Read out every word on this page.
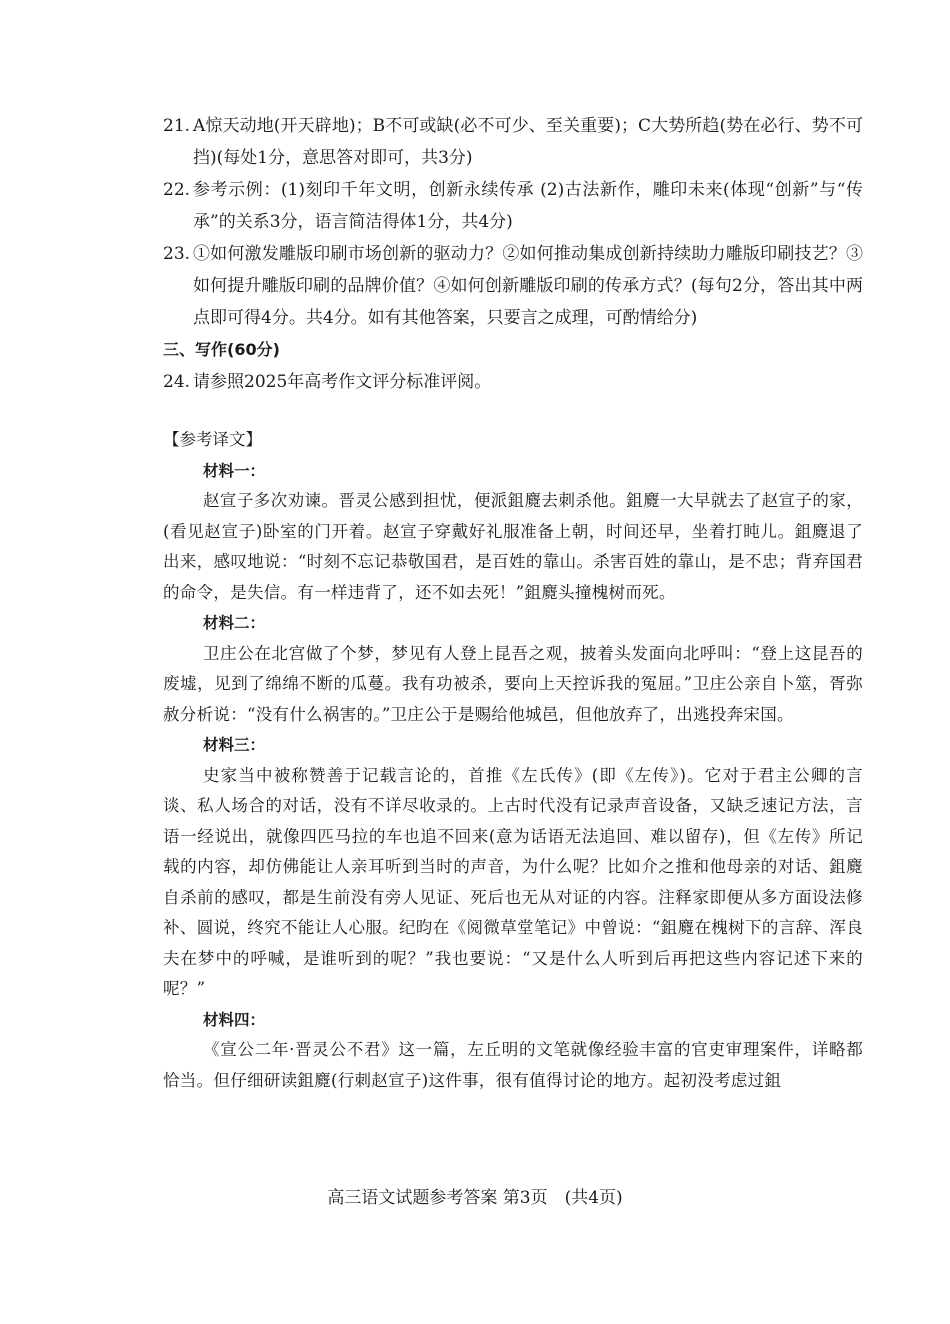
21. A惊天动地(开天辟地)；B不可或缺(必不可少、至关重要)；C大势所趋(势在必行、势不可挡)(每处1分，意思答对即可，共3分)
22. 参考示例：(1)刻印千年文明，创新永续传承 (2)古法新作，雕印未来(体现“创新”与“传承”的关系3分，语言简洁得体1分，共4分)
23. ①如何激发雕版印刷市场创新的驱动力？②如何推动集成创新持续助力雕版印刷技艺？③如何提升雕版印刷的品牌价值？④如何创新雕版印刷的传承方式？(每句2分，答出其中两点即可得4分。共4分。如有其他答案，只要言之成理，可酌情给分)
三、写作(60分)
24. 请参照2025年高考作文评分标准评阅。
【参考译文】
材料一：
赵宣子多次劝谏。晋灵公感到担忧，便派鉏麑去刺杀他。鉏麑一大早就去了赵宣子的家，(看见赵宣子)卧室的门开着。赵宣子穿戴好礼服准备上朝，时间还早，坐着打盹儿。鉏麑退了出来，感叹地说：“时刻不忘记恭敬国君，是百姓的靠山。杀害百姓的靠山，是不忠；背弃国君的命令，是失信。有一样违背了，还不如去死！”鉏麑头撞槐树而死。
材料二：
卫庄公在北宫做了个梦，梦见有人登上昆吾之观，披着头发面向北呼叫：“登上这昆吾的废墟，见到了绵绵不断的瓜蔓。我有功被杀，要向上天控诉我的冤屈。”卫庄公亲自卜筮，胥弥赦分析说：“没有什么祸害的。”卫庄公于是赐给他城邑，但他放弃了，出逃投奔宋国。
材料三：
史家当中被称赞善于记载言论的，首推《左氏传》(即《左传》)。它对于君主公卿的言谈、私人场合的对话，没有不详尽收录的。上古时代没有记录声音设备，又缺乏速记方法，言语一经说出，就像四匹马拉的车也追不回来(意为话语无法追回、难以留存)，但《左传》所记载的内容，却仿佛能让人亲耳听到当时的声音，为什么呢？比如介之推和他母亲的对话、鉏麑自杀前的感叹，都是生前没有旁人见证、死后也无从对证的内容。注释家即便从多方面设法修补、圆说，终究不能让人心服。纪昀在《阅微草堂笔记》中曾说：“鉏麑在槐树下的言辞、浑良夫在梦中的呼喊，是谁听到的呢？”我也要说：“又是什么人听到后再把这些内容记述下来的呢？”
材料四：
《宣公二年·晋灵公不君》这一篇，左丘明的文笔就像经验丰富的官吏审理案件，详略都恰当。但仔细研读鉏麑(行刺赵宣子)这件事，很有值得讨论的地方。起初没考虑过鉏
高三语文试题参考答案 第3页　(共4页)
